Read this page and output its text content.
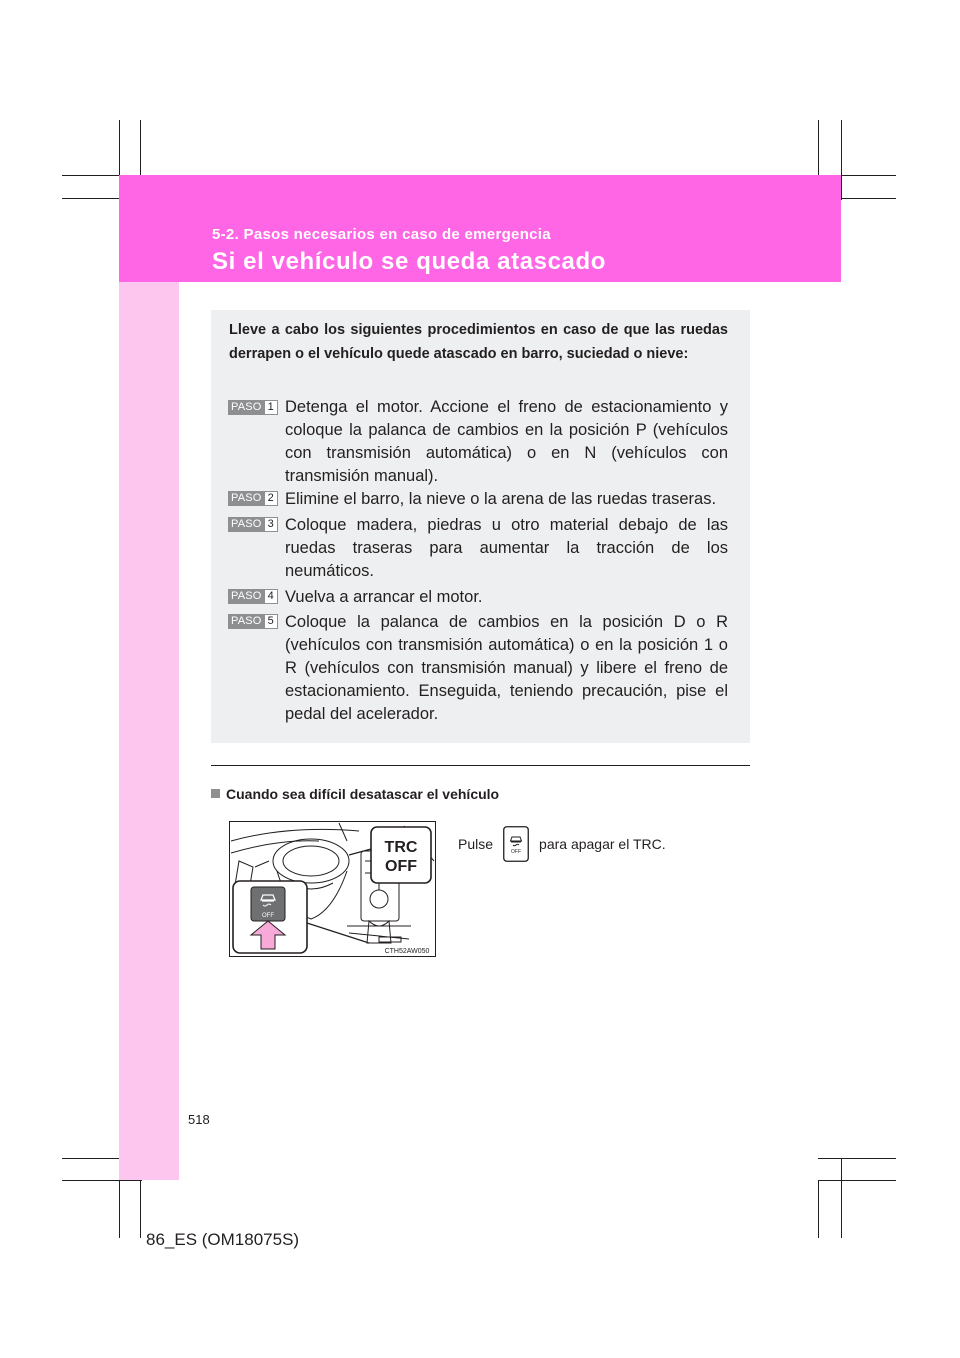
5-2. Pasos necesarios en caso de emergencia
Si el vehículo se queda atascado
Lleve a cabo los siguientes procedimientos en caso de que las ruedas derrapen o el vehículo quede atascado en barro, suciedad o nieve:
PASO 1 Detenga el motor. Accione el freno de estacionamiento y coloque la palanca de cambios en la posición P (vehículos con transmisión automática) o en N (vehículos con transmisión manual).
PASO 2 Elimine el barro, la nieve o la arena de las ruedas traseras.
PASO 3 Coloque madera, piedras u otro material debajo de las ruedas traseras para aumentar la tracción de los neumáticos.
PASO 4 Vuelva a arrancar el motor.
PASO 5 Coloque la palanca de cambios en la posición D o R (vehículos con transmisión automática) o en la posición 1 o R (vehículos con transmisión manual) y libere el freno de estacionamiento. Enseguida, teniendo precaución, pise el pedal del acelerador.
Cuando sea difícil desatascar el vehículo
TRC
OFF
OFF
CTH52AW050
Pulse	OFF para apagar el TRC.
518
86_ES (OM18075S)
